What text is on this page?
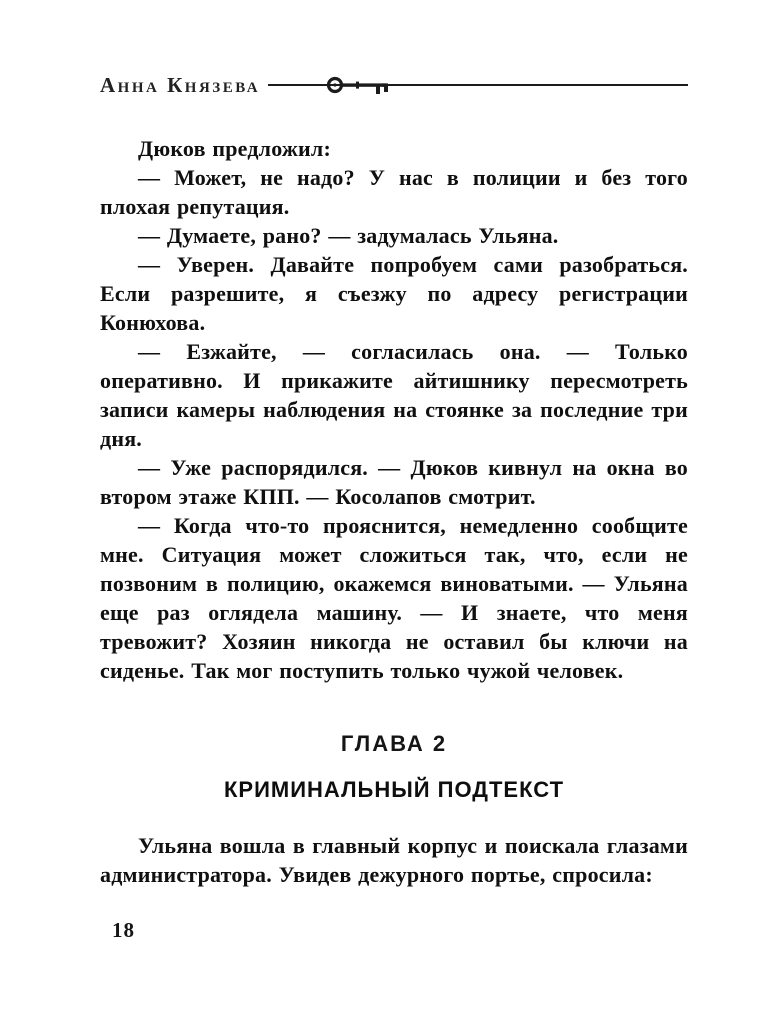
Анна Князева

Дюков предложил:

— Может, не надо? У нас в полиции и без того плохая репутация.

— Думаете, рано? — задумалась Ульяна.

— Уверен. Давайте попробуем сами разобраться. Если разрешите, я съезжу по адресу регистрации Конюхова.

— Езжайте, — согласилась она. — Только оперативно. И прикажите айтишнику пересмотреть записи камеры наблюдения на стоянке за последние три дня.

— Уже распорядился. — Дюков кивнул на окна во втором этаже КПП. — Косолапов смотрит.

— Когда что-то прояснится, немедленно сообщите мне. Ситуация может сложиться так, что, если не позвоним в полицию, окажемся виноватыми. — Ульяна еще раз оглядела машину. — И знаете, что меня тревожит? Хозяин никогда не оставил бы ключи на сиденье. Так мог поступить только чужой человек.

ГЛАВА 2
КРИМИНАЛЬНЫЙ ПОДТЕКСТ

Ульяна вошла в главный корпус и поискала глазами администратора. Увидев дежурного портье, спросила:

18
